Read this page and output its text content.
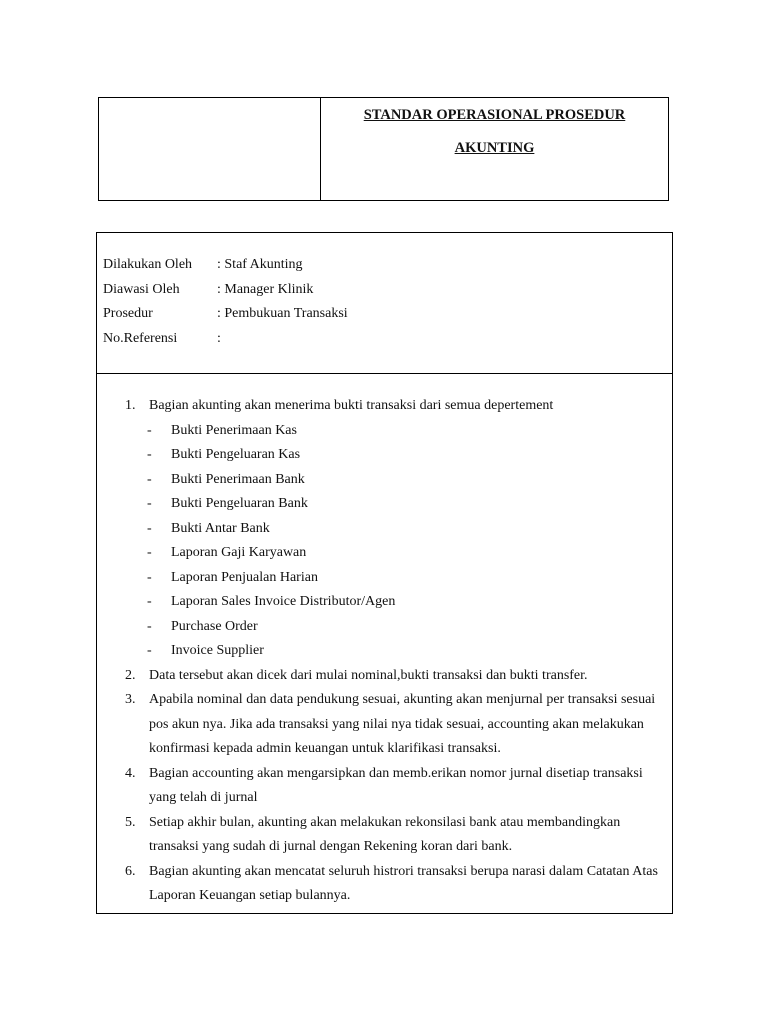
STANDAR OPERASIONAL PROSEDUR
AKUNTING
Dilakukan Oleh : Staf Akunting
Diawasi Oleh	: Manager Klinik
Prosedur	: Pembukuan Transaksi
No.Referensi	:
1. Bagian akunting akan menerima bukti transaksi dari semua depertement
-	Bukti Penerimaan Kas
-	Bukti Pengeluaran Kas
-	Bukti Penerimaan Bank
-	Bukti Pengeluaran Bank
-	Bukti Antar Bank
-	Laporan Gaji Karyawan
-	Laporan Penjualan Harian
-	Laporan Sales Invoice Distributor/Agen
-	Purchase Order
-	Invoice Supplier
2. Data tersebut akan dicek dari mulai nominal,bukti transaksi dan bukti transfer.
3. Apabila nominal dan data pendukung sesuai, akunting akan menjurnal per transaksi sesuai pos akun nya. Jika ada transaksi yang nilai nya tidak sesuai, accounting akan melakukan konfirmasi kepada admin keuangan untuk klarifikasi transaksi.
4. Bagian accounting akan mengarsipkan dan memb.erikan nomor jurnal disetiap transaksi yang telah di jurnal
5. Setiap akhir bulan, akunting akan melakukan rekonsilasi bank atau membandingkan transaksi yang sudah di jurnal dengan Rekening koran dari bank.
6. Bagian akunting akan mencatat seluruh histrori transaksi berupa narasi dalam Catatan Atas Laporan Keuangan setiap bulannya.
